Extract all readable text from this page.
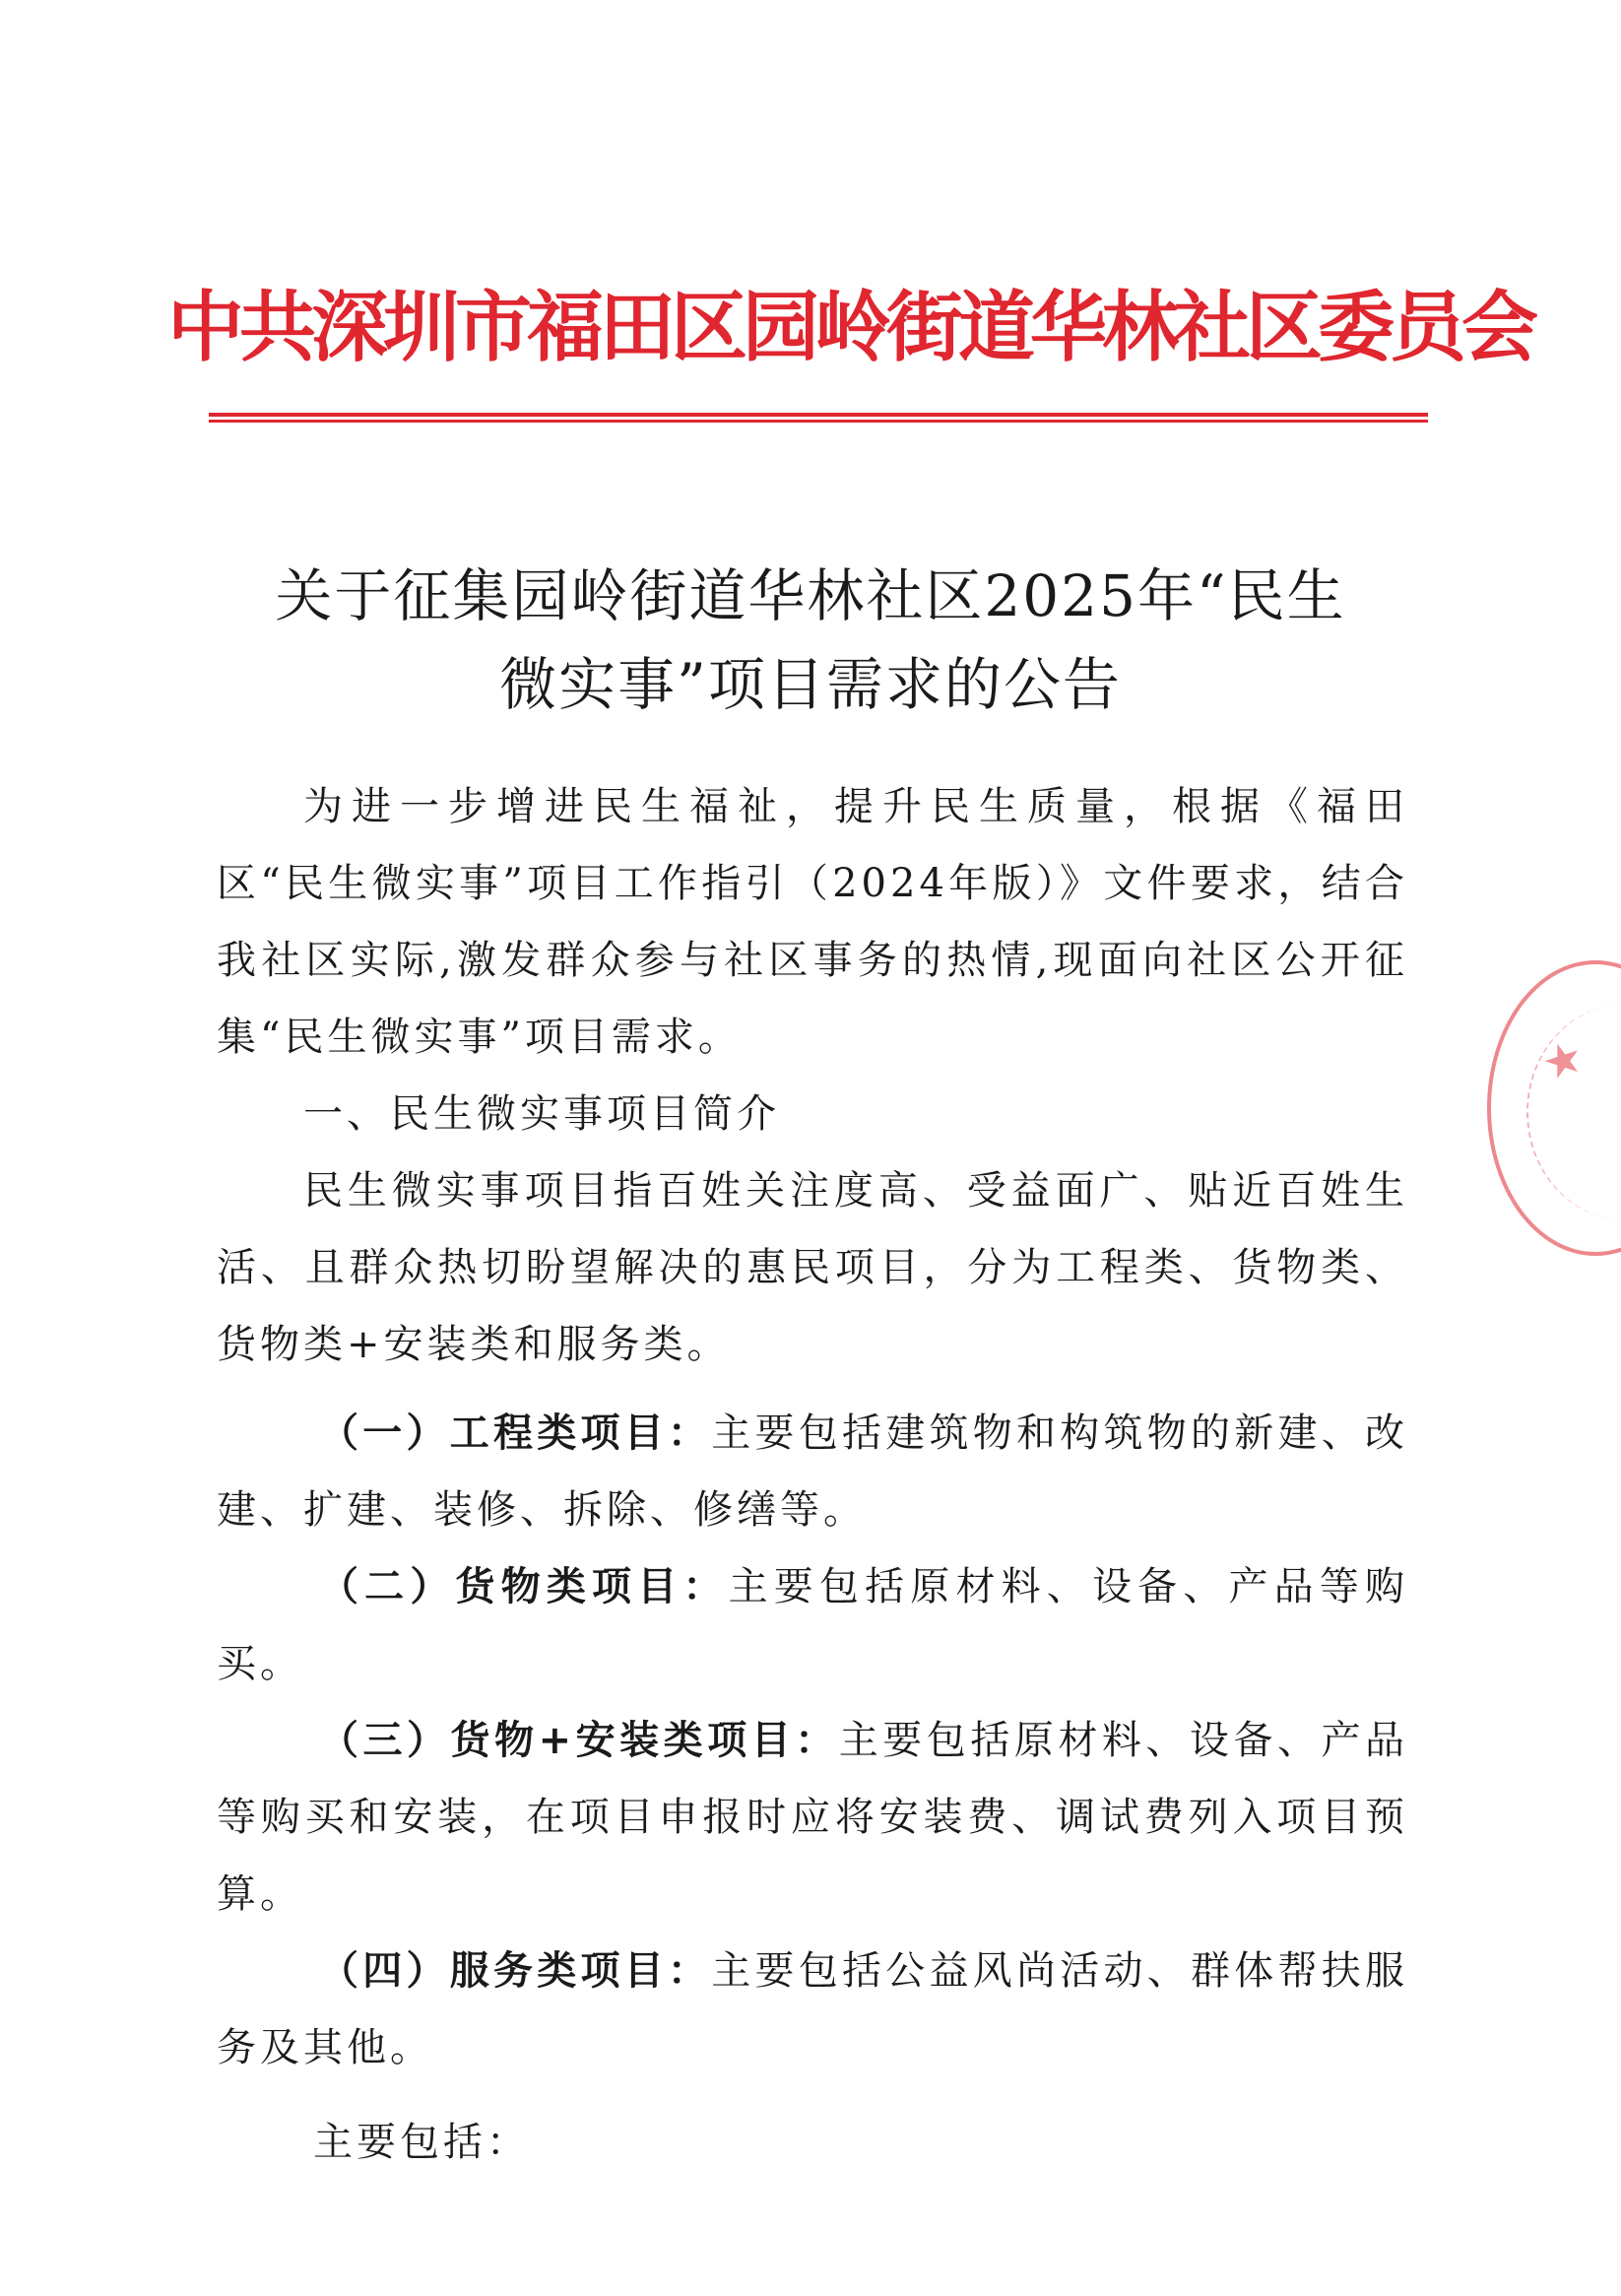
中共深圳市福田区园岭街道华林社区委员会
关于征集园岭街道华林社区2025年“民生
微实事”项目需求的公告

为进一步增进民生福祉，提升民生质量，根据《福田区“民生微实事”项目工作指引（2024年版）》文件要求，结合我社区实际,激发群众参与社区事务的热情,现面向社区公开征集“民生微实事”项目需求。

一、民生微实事项目简介

民生微实事项目指百姓关注度高、受益面广、贴近百姓生活、且群众热切盼望解决的惠民项目，分为工程类、货物类、货物类+安装类和服务类。

（一）工程类项目：主要包括建筑物和构筑物的新建、改建、扩建、装修、拆除、修缮等。

（二）货物类项目：主要包括原材料、设备、产品等购买。

（三）货物+安装类项目：主要包括原材料、设备、产品等购买和安装，在项目申报时应将安装费、调试费列入项目预算。

（四）服务类项目：主要包括公益风尚活动、群体帮扶服务及其他。

主要包括：
★
